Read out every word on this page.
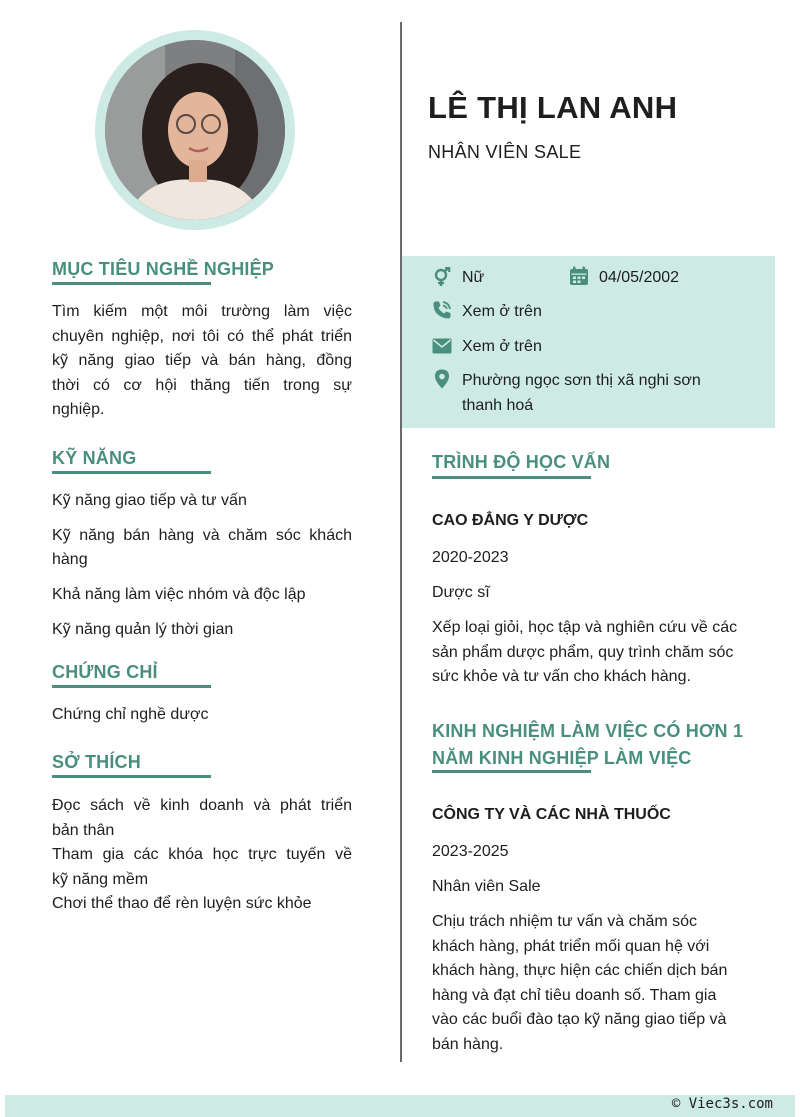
MỤC TIÊU NGHỀ NGHIỆP
Tìm kiếm một môi trường làm việc
chuyên nghiệp, nơi tôi có thể phát triển
kỹ năng giao tiếp và bán hàng, đồng
thời có cơ hội thăng tiến trong sự
nghiệp.
KỸ NĂNG
Kỹ năng giao tiếp và tư vấn
Kỹ năng bán hàng và chăm sóc khách
hàng
Khả năng làm việc nhóm và độc lập
Kỹ năng quản lý thời gian
CHỨNG CHỈ
Chứng chỉ nghề dược
SỞ THÍCH
Đọc sách về kinh doanh và phát triển
bản thân
Tham gia các khóa học trực tuyến về
kỹ năng mềm
Chơi thể thao để rèn luyện sức khỏe
LÊ THỊ LAN ANH
NHÂN VIÊN SALE
Nữ	04/05/2002
Xem ở trên
Xem ở trên
Phường ngọc sơn thị xã nghi sơn
thanh hoá
TRÌNH ĐỘ HỌC VẤN
CAO ĐẲNG Y DƯỢC
2020-2023
Dược sĩ
Xếp loại giỏi, học tập và nghiên cứu về các
sản phẩm dược phẩm, quy trình chăm sóc
sức khỏe và tư vấn cho khách hàng.
KINH NGHIỆM LÀM VIỆC CÓ HƠN 1
NĂM KINH NGHIỆP LÀM VIỆC
CÔNG TY VÀ CÁC NHÀ THUỐC
2023-2025
Nhân viên Sale
Chịu trách nhiệm tư vấn và chăm sóc
khách hàng, phát triển mối quan hệ với
khách hàng, thực hiện các chiến dịch bán
hàng và đạt chỉ tiêu doanh số. Tham gia
vào các buổi đào tạo kỹ năng giao tiếp và
bán hàng.
© Viec3s.com
